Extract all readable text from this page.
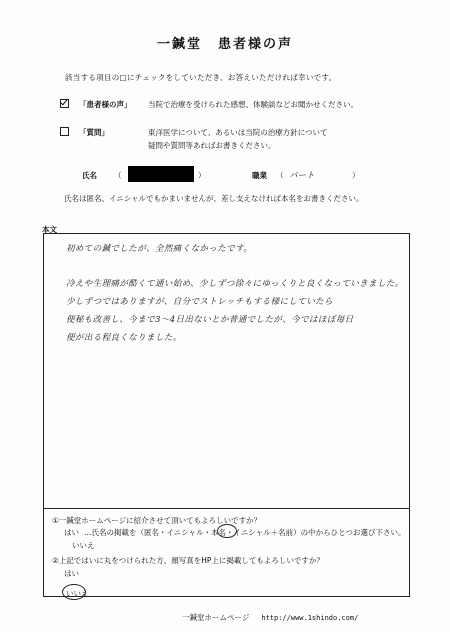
一鍼堂 患者様の声
該当する項目の□にチェックをしていただき、お答えいただければ幸いです。
「患者様の声」 当院で治療を受けられた感想、体験談などお聞かせください。
「質問」	東洋医学について、あるいは当院の治療方針について
疑問や質問等あればお書きください。
氏名 （	）	職業 （ パート	）
氏名は匿名、イニシャルでもかまいませんが、差し支えなければ本名をお書きください。
本文
初めての鍼でしたが、全然痛くなかったです。
冷えや生理痛が酷くて通い始め、少しずつ徐々にゆっくりと良くなっていきました。
少しずつではありますが、自分でストレッチもする様にしていたら
便秘も改善し、今まで3〜4日出ないとか普通でしたが、今ではほぼ毎日
便が出る程良くなりました。
①一鍼堂ホームページに紹介させて頂いてもよろしいですか？
はい …氏名の掲載を（匿名・イニシャル・本名・イニシャル＋名前）の中からひとつお選び下さい。
いいえ
②上記ではいに丸をつけられた方、顔写真をHP上に掲載してもよろしいですか？
はい
いいえ
一鍼堂ホームページ http://www.1shindo.com/
